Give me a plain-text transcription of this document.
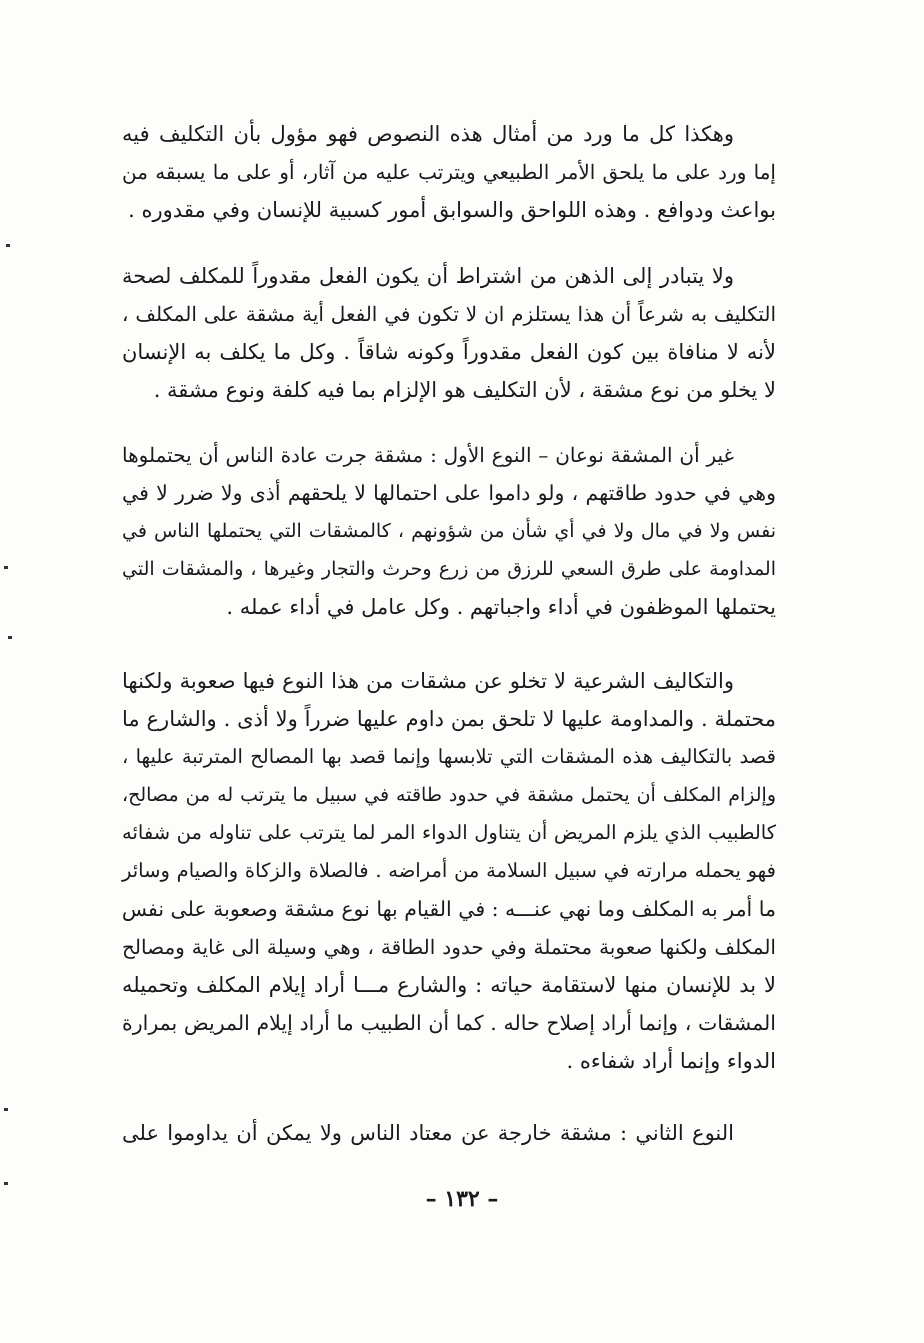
وهكذا كل ما ورد من أمثال هذه النصوص فهو مؤول بأن التكليف فيه
إما ورد على ما يلحق الأمر الطبيعي ويترتب عليه من آثار، أو على ما يسبقه من
بواعث ودوافع . وهذه اللواحق والسوابق أمور كسبية للإنسان وفي مقدوره .
ولا يتبادر إلى الذهن من اشتراط أن يكون الفعل مقدوراً للمكلف لصحة
التكليف به شرعاً أن هذا يستلزم ان لا تكون في الفعل أية مشقة على المكلف ،
لأنه لا منافاة بين كون الفعل مقدوراً وكونه شاقاً . وكل ما يكلف به الإنسان
لا يخلو من نوع مشقة ، لأن التكليف هو الإلزام بما فيه كلفة ونوع مشقة .
غير أن المشقة نوعان – النوع الأول : مشقة جرت عادة الناس أن يحتملوها
وهي في حدود طاقتهم ، ولو داموا على احتمالها لا يلحقهم أذى ولا ضرر لا في
نفس ولا في مال ولا في أي شأن من شؤونهم ، كالمشقات التي يحتملها الناس في
المداومة على طرق السعي للرزق من زرع وحرث والتجار وغيرها ، والمشقات التي
يحتملها الموظفون في أداء واجباتهم . وكل عامل في أداء عمله .
والتكاليف الشرعية لا تخلو عن مشقات من هذا النوع فيها صعوبة ولكنها
محتملة . والمداومة عليها لا تلحق بمن داوم عليها ضرراً ولا أذى . والشارع ما
قصد بالتكاليف هذه المشقات التي تلابسها وإنما قصد بها المصالح المترتبة عليها ،
وإلزام المكلف أن يحتمل مشقة في حدود طاقته في سبيل ما يترتب له من مصالح،
كالطبيب الذي يلزم المريض أن يتناول الدواء المر لما يترتب على تناوله من شفائه
فهو يحمله مرارته في سبيل السلامة من أمراضه . فالصلاة والزكاة والصيام وسائر
ما أمر به المكلف وما نهي عنـــه : في القيام بها نوع مشقة وصعوبة على نفس
المكلف ولكنها صعوبة محتملة وفي حدود الطاقة ، وهي وسيلة الى غاية ومصالح
لا بد للإنسان منها لاستقامة حياته : والشارع مـــا أراد إيلام المكلف وتحميله
المشقات ، وإنما أراد إصلاح حاله . كما أن الطبيب ما أراد إيلام المريض بمرارة
الدواء وإنما أراد شفاءه .
النوع الثاني : مشقة خارجة عن معتاد الناس ولا يمكن أن يداوموا على
– ١٣٢ –
